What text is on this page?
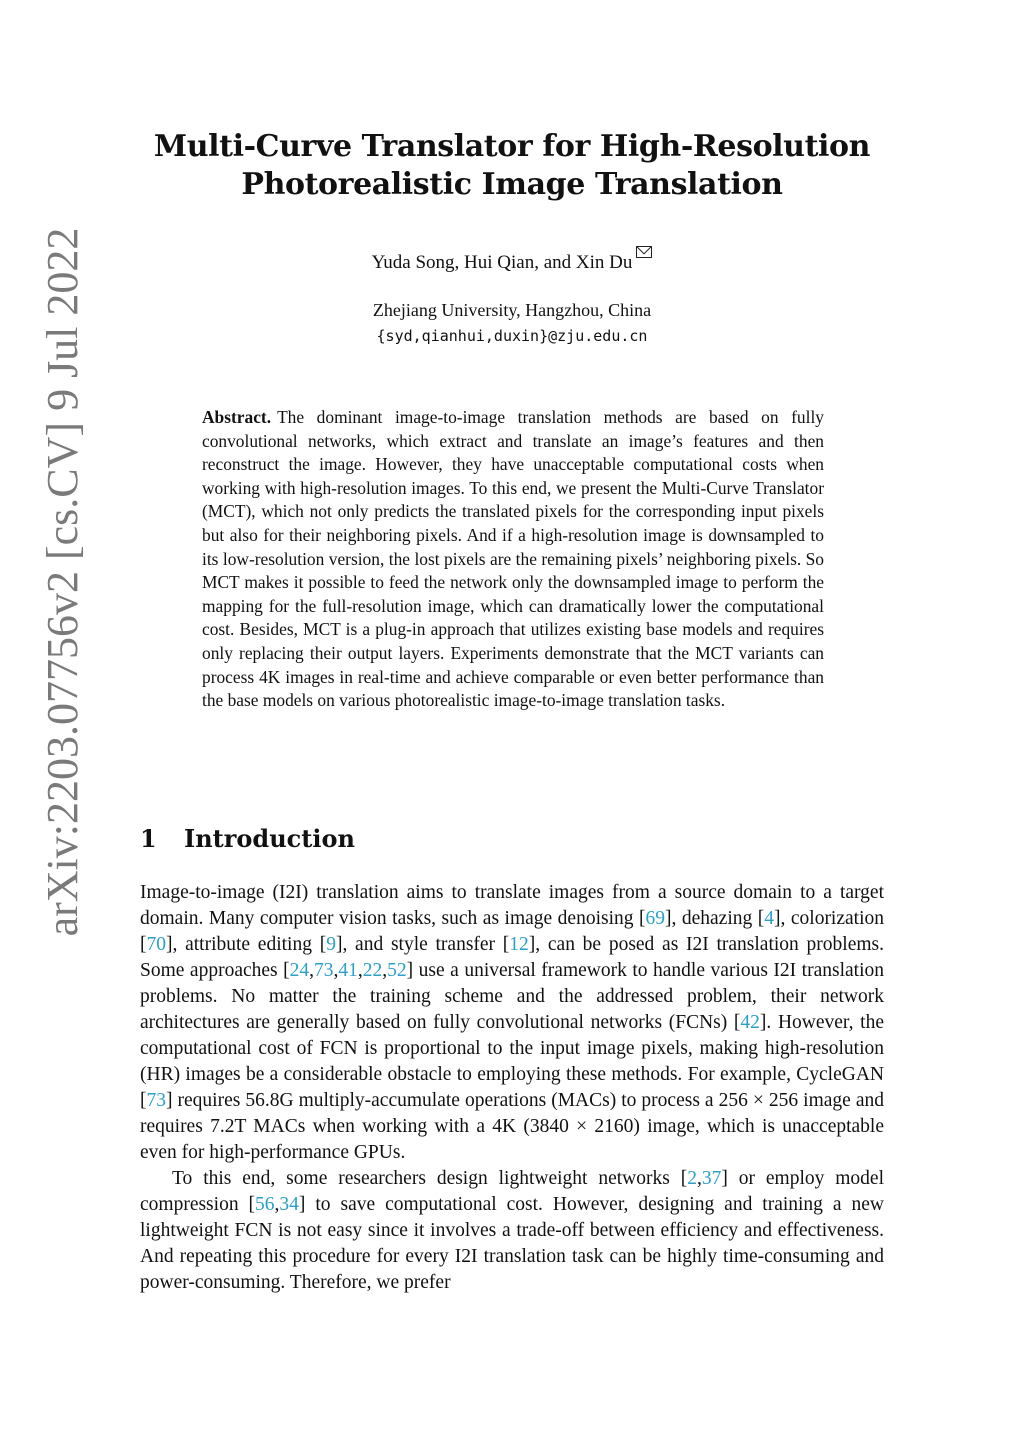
arXiv:2203.07756v2 [cs.CV] 9 Jul 2022
Multi-Curve Translator for High-Resolution
Photorealistic Image Translation
Yuda Song, Hui Qian, and Xin Du
Zhejiang University, Hangzhou, China
{syd,qianhui,duxin}@zju.edu.cn
Abstract. The dominant image-to-image translation methods are based on fully convolutional networks, which extract and translate an image’s features and then reconstruct the image. However, they have unacceptable computational costs when working with high-resolution images. To this end, we present the Multi-Curve Translator (MCT), which not only predicts the translated pixels for the corresponding input pixels but also for their neighboring pixels. And if a high-resolution image is downsampled to its low-resolution version, the lost pixels are the remaining pixels’ neighboring pixels. So MCT makes it possible to feed the network only the downsampled image to perform the mapping for the full-resolution image, which can dramatically lower the computational cost. Besides, MCT is a plug-in approach that utilizes existing base models and requires only replacing their output layers. Experiments demonstrate that the MCT variants can process 4K images in real-time and achieve comparable or even better performance than the base models on various photorealistic image-to-image translation tasks.
1 Introduction

Image-to-image (I2I) translation aims to translate images from a source domain to a target domain. Many computer vision tasks, such as image denoising [69], dehazing [4], colorization [70], attribute editing [9], and style transfer [12], can be posed as I2I translation problems. Some approaches [24,73,41,22,52] use a universal framework to handle various I2I translation problems. No matter the training scheme and the addressed problem, their network architectures are generally based on fully convolutional networks (FCNs) [42]. However, the computational cost of FCN is proportional to the input image pixels, making high-resolution (HR) images be a considerable obstacle to employing these methods. For example, CycleGAN [73] requires 56.8G multiply-accumulate operations (MACs) to process a 256 × 256 image and requires 7.2T MACs when working with a 4K (3840 × 2160) image, which is unacceptable even for high-performance GPUs.

To this end, some researchers design lightweight networks [2,37] or employ model compression [56,34] to save computational cost. However, designing and training a new lightweight FCN is not easy since it involves a trade-off between efficiency and effectiveness. And repeating this procedure for every I2I translation task can be highly time-consuming and power-consuming. Therefore, we prefer
